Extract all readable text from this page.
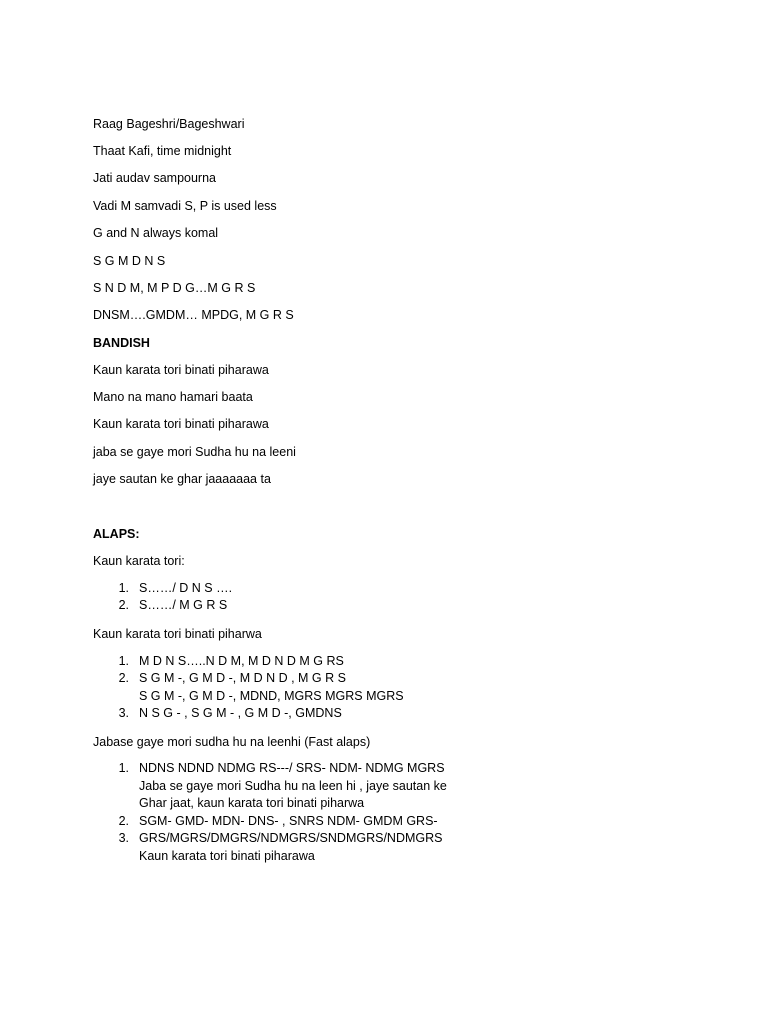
Raag Bageshri/Bageshwari
Thaat Kafi, time midnight
Jati audav sampourna
Vadi M samvadi S, P is used less
G and N always komal
S G M D N S
S N D M, M P D G…M G R S
DNSM….GMDM… MPDG, M G R S
BANDISH
Kaun karata tori binati piharawa
Mano na mano hamari baata
Kaun karata tori binati piharawa
jaba se gaye mori Sudha hu na leeni
jaye sautan ke ghar jaaaaaaa ta
ALAPS:
Kaun karata tori:
1. S……/ D N S ….
2. S……/ M G R S
Kaun karata tori binati piharwa
1. M D N S…..N D M, M D N D M G RS
2. S G M -, G M D -, M D N D , M G R S
S G M -, G M D -, MDND, MGRS MGRS MGRS
3. N S G - , S G M - , G M D -, GMDNS
Jabase gaye mori sudha hu na leenhi (Fast alaps)
1. NDNS NDND NDMG RS---/ SRS- NDM- NDMG MGRS
Jaba se gaye mori Sudha hu na leen hi , jaye sautan ke
Ghar jaat, kaun karata tori binati piharwa
2. SGM- GMD- MDN- DNS- , SNRS NDM- GMDM GRS-
3. GRS/MGRS/DMGRS/NDMGRS/SNDMGRS/NDMGRS
Kaun karata tori binati piharawa
